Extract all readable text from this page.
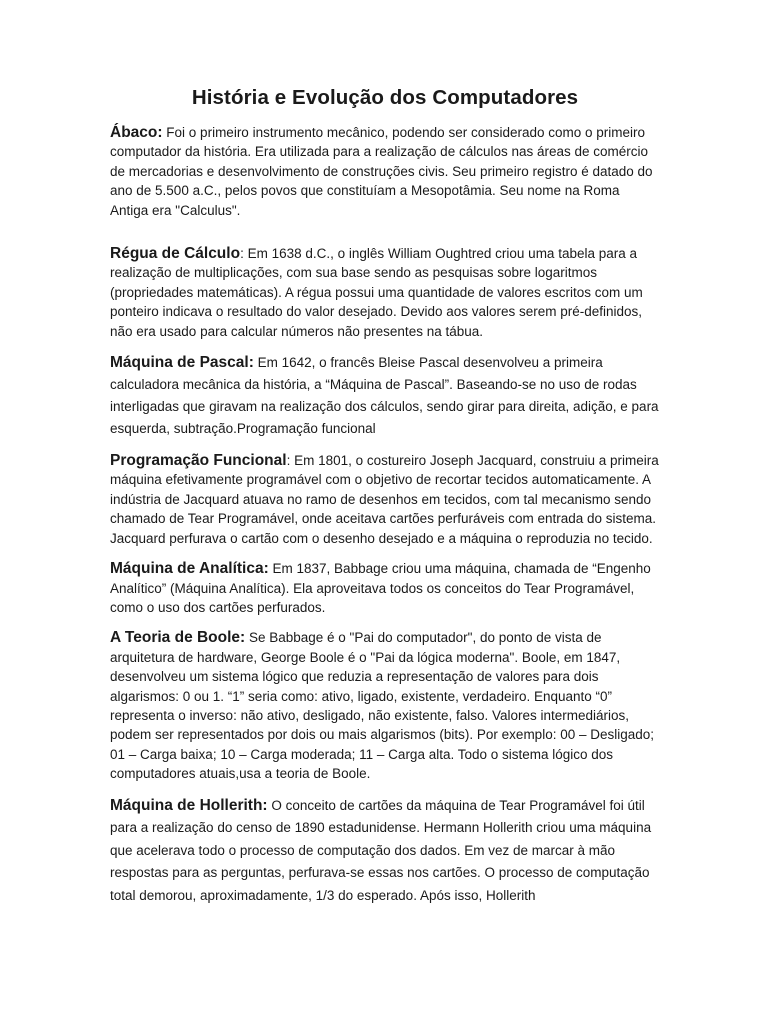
História e Evolução dos Computadores

Ábaco: Foi o primeiro instrumento mecânico, podendo ser considerado como o primeiro computador da história. Era utilizada para a realização de cálculos nas áreas de comércio de mercadorias e desenvolvimento de construções civis. Seu primeiro registro é datado do ano de 5.500 a.C., pelos povos que constituíam a Mesopotâmia. Seu nome na Roma Antiga era "Calculus".

Régua de Cálculo: Em 1638 d.C., o inglês William Oughtred criou uma tabela para a realização de multiplicações, com sua base sendo as pesquisas sobre logaritmos (propriedades matemáticas). A régua possui uma quantidade de valores escritos com um ponteiro indicava o resultado do valor desejado. Devido aos valores serem pré-definidos, não era usado para calcular números não presentes na tábua.

Máquina de Pascal: Em 1642, o francês Bleise Pascal desenvolveu a primeira calculadora mecânica da história, a “Máquina de Pascal”. Baseando-se no uso de rodas interligadas que giravam na realização dos cálculos, sendo girar para direita, adição, e para esquerda, subtração.Programação funcional

Programação Funcional: Em 1801, o costureiro Joseph Jacquard, construiu a primeira máquina efetivamente programável com o objetivo de recortar tecidos automaticamente. A indústria de Jacquard atuava no ramo de desenhos em tecidos, com tal mecanismo sendo chamado de Tear Programável, onde aceitava cartões perfuráveis com entrada do sistema. Jacquard perfurava o cartão com o desenho desejado e a máquina o reproduzia no tecido.

Máquina de Analítica: Em 1837, Babbage criou uma máquina, chamada de “Engenho Analítico” (Máquina Analítica). Ela aproveitava todos os conceitos do Tear Programável, como o uso dos cartões perfurados.

A Teoria de Boole: Se Babbage é o "Pai do computador", do ponto de vista de arquitetura de hardware, George Boole é o "Pai da lógica moderna". Boole, em 1847, desenvolveu um sistema lógico que reduzia a representação de valores para dois algarismos: 0 ou 1. “1” seria como: ativo, ligado, existente, verdadeiro. Enquanto “0” representa o inverso: não ativo, desligado, não existente, falso. Valores intermediários, podem ser representados por dois ou mais algarismos (bits). Por exemplo: 00 – Desligado; 01 – Carga baixa; 10 – Carga moderada; 11 – Carga alta. Todo o sistema lógico dos computadores atuais,usa a teoria de Boole.

Máquina de Hollerith: O conceito de cartões da máquina de Tear Programável foi útil para a realização do censo de 1890 estadunidense. Hermann Hollerith criou uma máquina que acelerava todo o processo de computação dos dados. Em vez de marcar à mão respostas para as perguntas, perfurava-se essas nos cartões. O processo de computação total demorou, aproximadamente, 1/3 do esperado. Após isso, Hollerith
